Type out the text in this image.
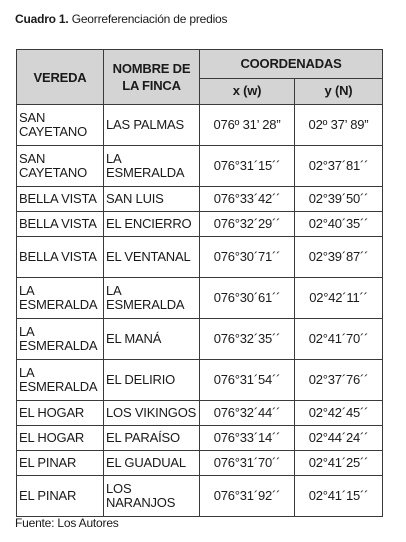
Cuadro 1. Georreferenciación de predios
VEREDA	NOMBRE DE LA FINCA	COORDENADAS	
		x (w)	y (N)
SAN CAYETANO	LAS PALMAS	076º 31’ 28”	02º 37’ 89”
SAN CAYETANO	LA ESMERALDA	076°31´15´´	02°37´81´´
BELLA VISTA	SAN LUIS	076°33´42´´	02°39´50´´
BELLA VISTA	EL ENCIERRO	076°32´29´´	02°40´35´´
BELLA VISTA	EL VENTANAL	076°30´71´´	02°39´87´´
LA ESMERALDA	LA ESMERALDA	076°30´61´´	02°42´11´´
LA ESMERALDA	EL MANÁ	076°32´35´´	02°41´70´´
LA ESMERALDA	EL DELIRIO	076°31´54´´	02°37´76´´
EL HOGAR	LOS VIKINGOS	076°32´44´´	02°42´45´´
EL HOGAR	EL PARAÍSO	076°33´14´´	02°44´24´´
EL PINAR	EL GUADUAL	076°31´70´´	02°41´25´´
EL PINAR	LOS NARANJOS	076°31´92´´	02°41´15´´
Fuente: Los Autores
